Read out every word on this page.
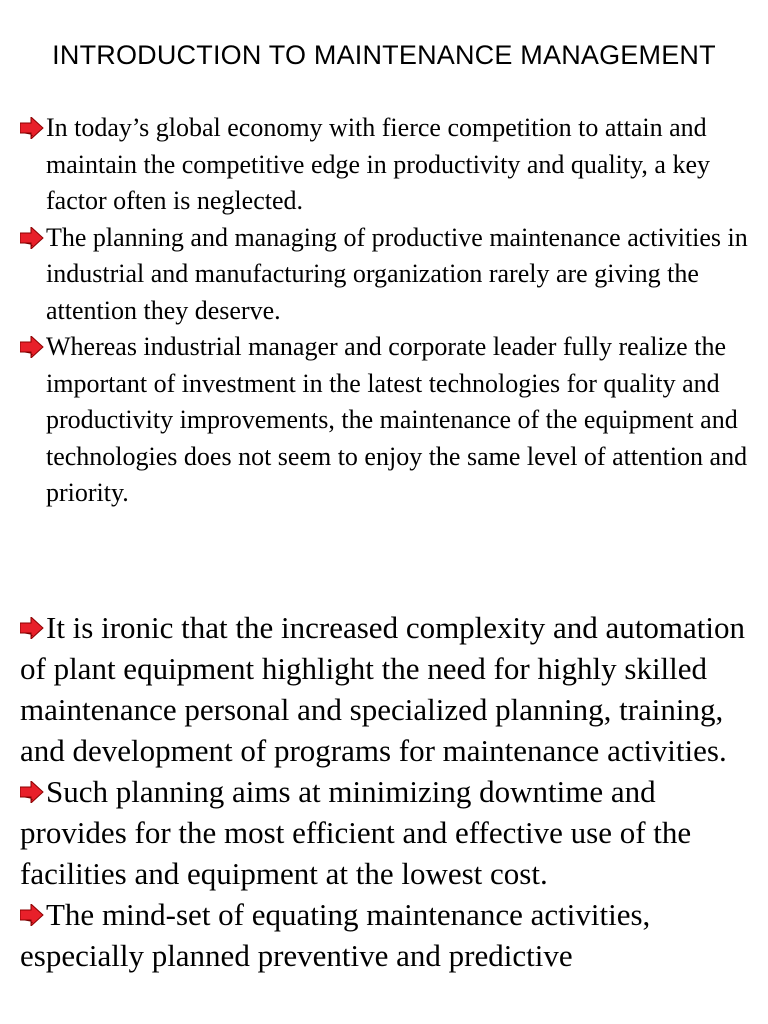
INTRODUCTION TO MAINTENANCE MANAGEMENT

In today’s global economy with fierce competition to attain and maintain the competitive edge in productivity and quality, a key factor often is neglected.

The planning and managing of productive maintenance activities in industrial and manufacturing organization rarely are giving the attention they deserve.

Whereas industrial manager and corporate leader fully realize the important of investment in the latest technologies for quality and productivity improvements, the maintenance of the equipment and technologies does not seem to enjoy the same level of attention and priority.

It is ironic that the increased complexity and automation of plant equipment highlight the need for highly skilled maintenance personal and specialized planning, training, and development of programs for maintenance activities.

Such planning aims at minimizing downtime and provides for the most efficient and effective use of the facilities and equipment at the lowest cost.

The mind-set of equating maintenance activities, especially planned preventive and predictive
